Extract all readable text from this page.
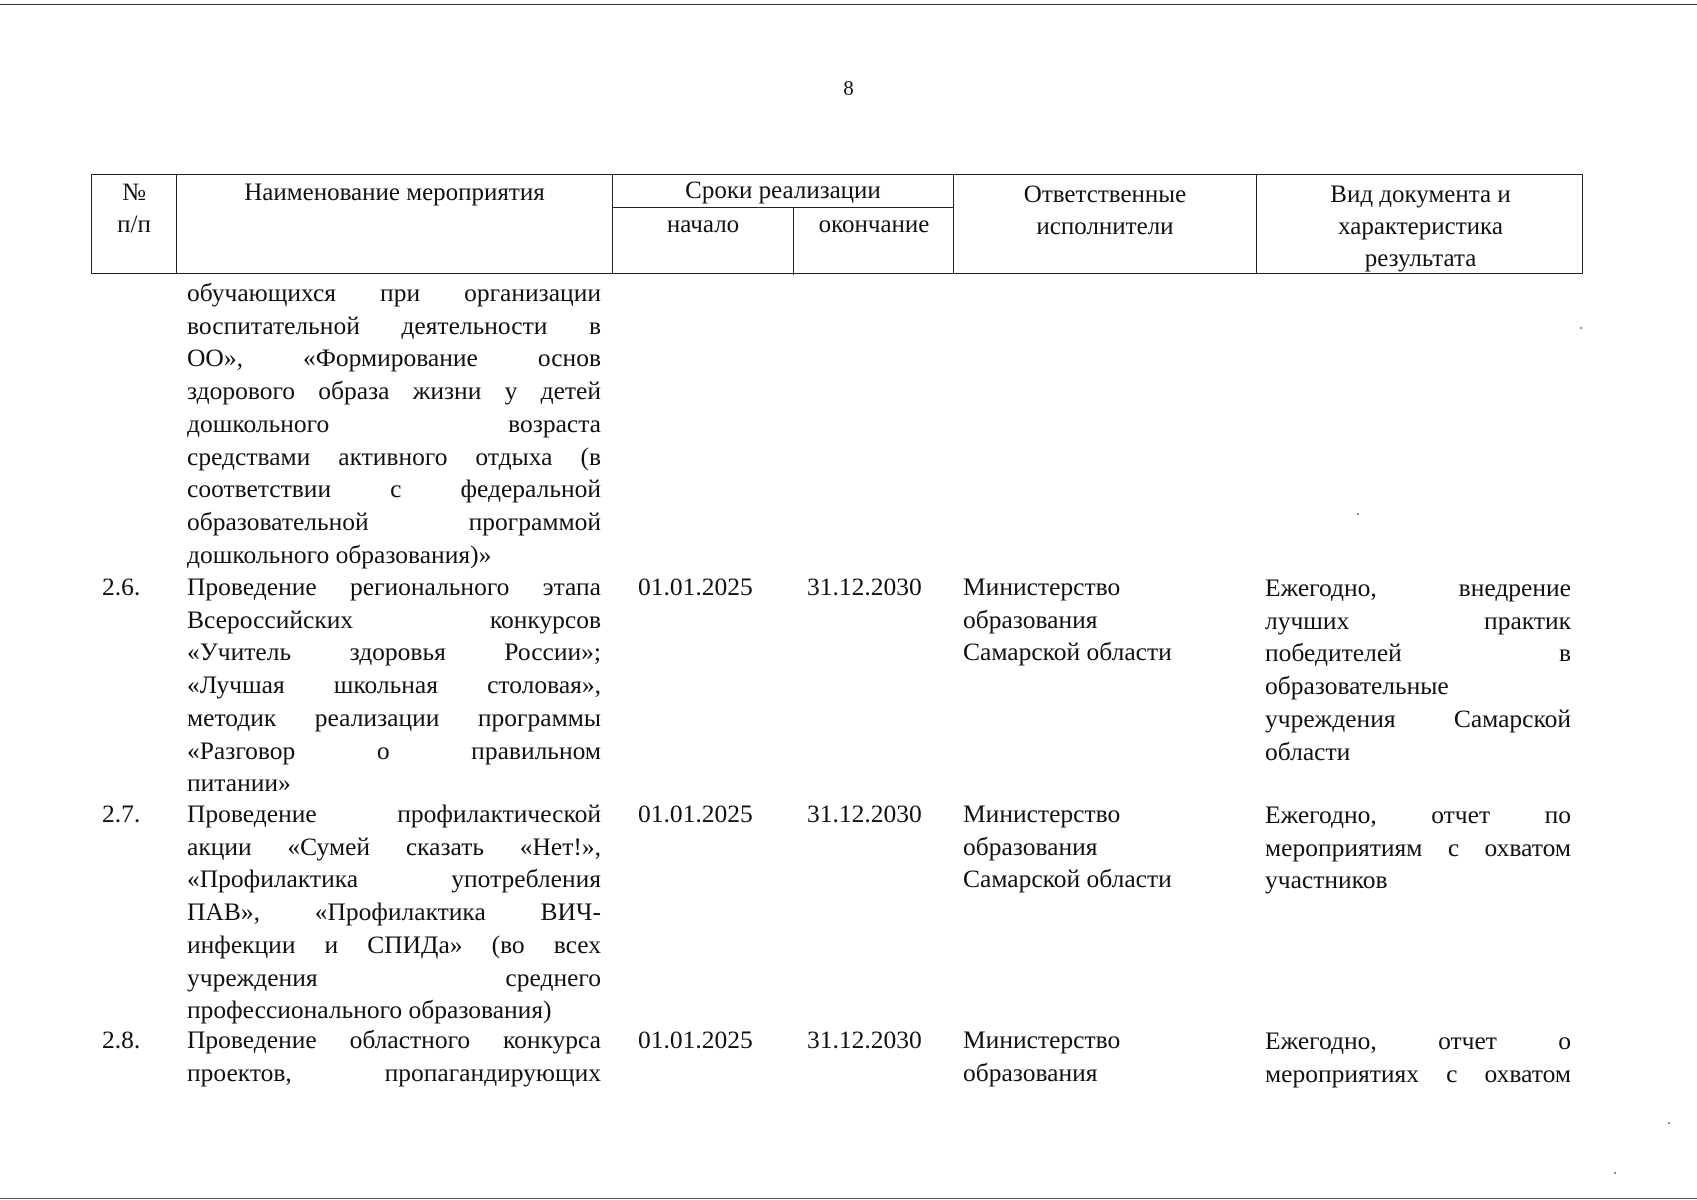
8
№
п/п
Наименование мероприятия	Сроки реализации
начало	окончание
Ответственные
исполнители
Вид документа и
характеристика
результата
обучающихся при организации
воспитательной деятельности в
ОО», «Формирование основ
здорового образа жизни у детей
дошкольного возраста
средствами активного отдыха (в
соответствии с федеральной
образовательной программой
дошкольного образования)»
2.6. Проведение регионального этапа
Всероссийских конкурсов
«Учитель здоровья России»;
«Лучшая школьная столовая»,
методик реализации программы
«Разговор о правильном
питании»
01.01.2025 31.12.2030 Министерство
образования
Самарской области
Ежегодно, внедрение
лучших практик
победителей в
образовательные
учреждения Самарской
области
2.7. Проведение профилактической
акции «Сумей сказать «Нет!»,
«Профилактика употребления
ПАВ», «Профилактика ВИЧ-
инфекции и СПИДа» (во всех
учреждения среднего
профессионального образования)
01.01.2025 31.12.2030 Министерство
образования
Самарской области
Ежегодно, отчет по
мероприятиям с охватом
участников
2.8. Проведение областного конкурса
проектов, пропагандирующих
01.01.2025 31.12.2030 Министерство
образования
Ежегодно, отчет о
мероприятиях с охватом
